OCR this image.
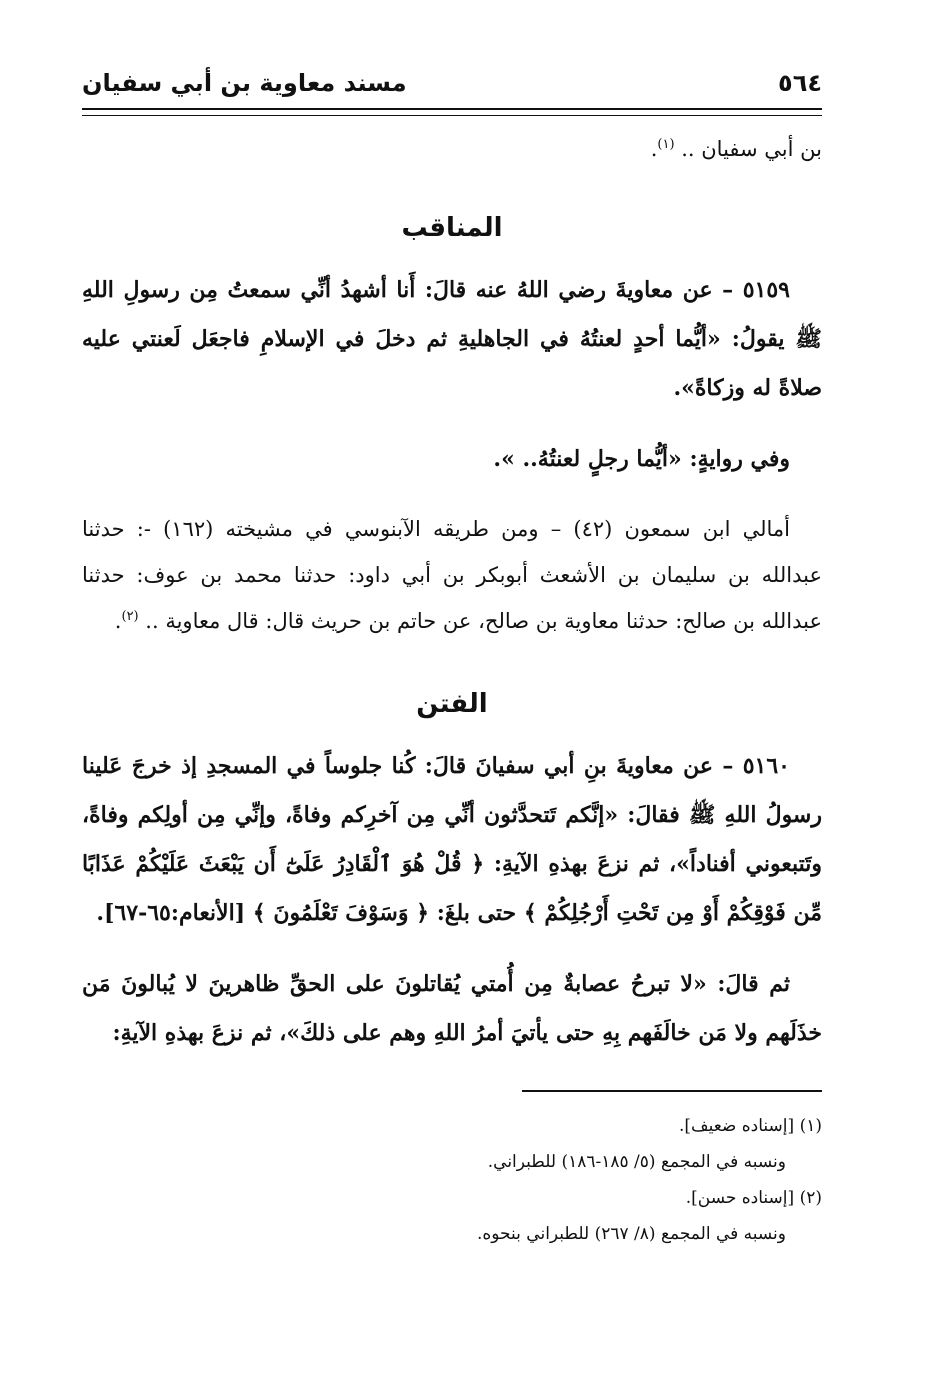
٥٦٤
مسند معاوية بن أبي سفيان

بن أبي سفيان .. $^{(١)}$.

المناقب

٥١٥٩ – عن معاويةَ رضي اللهُ عنه قالَ: أَنا أشهدُ أنِّي سمعتُ مِن رسولِ اللهِ ﷺ يقولُ: «أيُّما أحدٍ لعنتُهُ في الجاهليةِ ثم دخلَ في الإسلامِ فاجعَل لَعنتي عليه صلاةً له وزكاةً».

وفي روايةٍ: «أيُّما رجلٍ لعنتُهُ.. ».

أمالي ابن سمعون (٤٢) – ومن طريقه الآبنوسي في مشيخته (١٦٢) -: حدثنا عبدالله بن سليمان بن الأشعث أبوبكر بن أبي داود: حدثنا محمد بن عوف: حدثنا عبدالله بن صالح: حدثنا معاوية بن صالح، عن حاتم بن حريث قال: قال معاوية .. $^{(٢)}$.

الفتن

٥١٦٠ – عن معاويةَ بنِ أبي سفيانَ قالَ: كُنا جلوساً في المسجدِ إذ خرجَ عَلينا رسولُ اللهِ ﷺ فقالَ: «إنَّكم تَتحدَّثون أنِّي مِن آخرِكم وفاةً، وإنِّي مِن أولِكم وفاةً، وتَتبعوني أفناداً»، ثم نزعَ بهذهِ الآيةِ: ﴿ قُلْ هُوَ ٱلْقَادِرُ عَلَىٰٓ أَن يَبْعَثَ عَلَيْكُمْ عَذَابًا مِّن فَوْقِكُمْ أَوْ مِن تَحْتِ أَرْجُلِكُمْ ﴾ حتى بلغَ: ﴿ وَسَوْفَ تَعْلَمُونَ ﴾ [الأنعام:٦٥-٦٧].

ثم قالَ: «لا تبرحُ عصابةٌ مِن أُمتي يُقاتلونَ على الحقِّ ظاهرينَ لا يُبالونَ مَن خذَلَهم ولا مَن خالَفَهم بِهِ حتى يأتيَ أمرُ اللهِ وهم على ذلكَ»، ثم نزعَ بهذهِ الآيةِ:

(١) [إسناده ضعيف].

ونسبه في المجمع (٥/ ١٨٥-١٨٦) للطبراني.

(٢) [إسناده حسن].

ونسبه في المجمع (٨/ ٢٦٧) للطبراني بنحوه.
